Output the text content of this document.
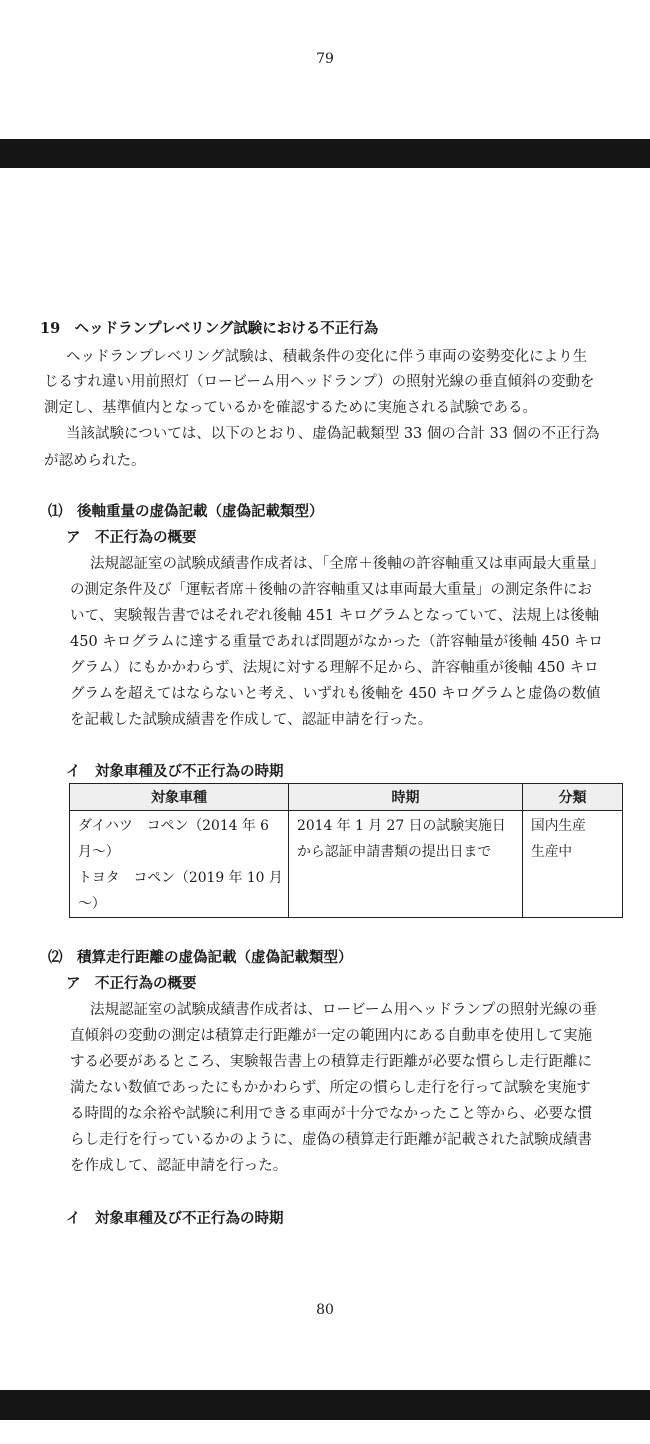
79
19　ヘッドランプレベリング試験における不正行為
ヘッドランプレベリング試験は、積載条件の変化に伴う車両の姿勢変化により生
じるすれ違い用前照灯（ロービーム用ヘッドランプ）の照射光線の垂直傾斜の変動を
測定し、基準値内となっているかを確認するために実施される試験である。
当該試験については、以下のとおり、虚偽記載類型 33 個の合計 33 個の不正行為
が認められた。
⑴　後軸重量の虚偽記載（虚偽記載類型）
ア　不正行為の概要
法規認証室の試験成績書作成者は、「全席＋後軸の許容軸重又は車両最大重量」
の測定条件及び「運転者席＋後軸の許容軸重又は車両最大重量」の測定条件にお
いて、実験報告書ではそれぞれ後軸 451 キログラムとなっていて、法規上は後軸
450 キログラムに達する重量であれば問題がなかった（許容軸量が後軸 450 キロ
グラム）にもかかわらず、法規に対する理解不足から、許容軸重が後軸 450 キロ
グラムを超えてはならないと考え、いずれも後軸を 450 キログラムと虚偽の数値
を記載した試験成績書を作成して、認証申請を行った。
イ　対象車種及び不正行為の時期
対象車種	時期	分類

ダイハツ　コペン（2014 年 6
月～）
トヨタ　コペン（2019 年 10 月
～）	2014 年 1 月 27 日の試験実施日
から認証申請書類の提出日まで	国内生産
生産中
⑵　積算走行距離の虚偽記載（虚偽記載類型）
ア　不正行為の概要
法規認証室の試験成績書作成者は、ロービーム用ヘッドランプの照射光線の垂
直傾斜の変動の測定は積算走行距離が一定の範囲内にある自動車を使用して実施
する必要があるところ、実験報告書上の積算走行距離が必要な慣らし走行距離に
満たない数値であったにもかかわらず、所定の慣らし走行を行って試験を実施す
る時間的な余裕や試験に利用できる車両が十分でなかったこと等から、必要な慣
らし走行を行っているかのように、虚偽の積算走行距離が記載された試験成績書
を作成して、認証申請を行った。
イ　対象車種及び不正行為の時期
80
